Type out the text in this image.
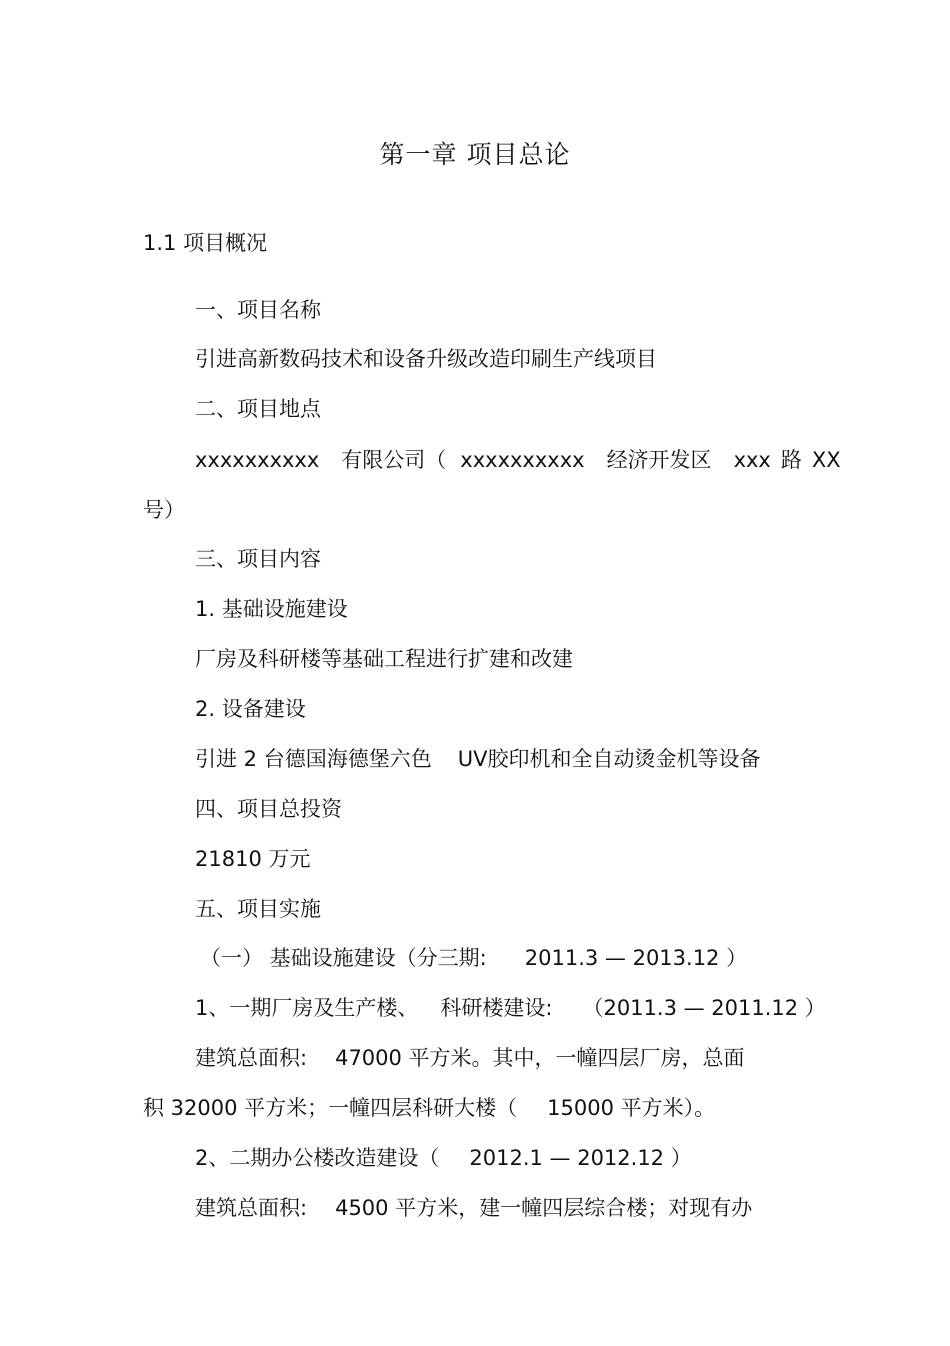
第一章 项目总论
1.1 项目概况
一、项目名称
引进高新数码技术和设备升级改造印刷生产线项目
二、项目地点
xxxxxxxxxx 有限公司（ xxxxxxxxxx 经济开发区 xxx 路 XX
号）
三、项目内容
1. 基础设施建设
厂房及科研楼等基础工程进行扩建和改建
2. 设备建设
引进 2 台德国海德堡六色 UV胶印机和全自动烫金机等设备
四、项目总投资
21810 万元
五、项目实施
（一） 基础设施建设（分三期: 2011.3 — 2013.12 ）
1、一期厂房及生产楼、 科研楼建设: （2011.3 — 2011.12 ）
建筑总面积: 47000 平方米。其中，一幢四层厂房，总面
积 32000 平方米；一幢四层科研大楼（ 15000 平方米）。
2、二期办公楼改造建设（ 2012.1 — 2012.12 ）
建筑总面积: 4500 平方米，建一幢四层综合楼；对现有办
